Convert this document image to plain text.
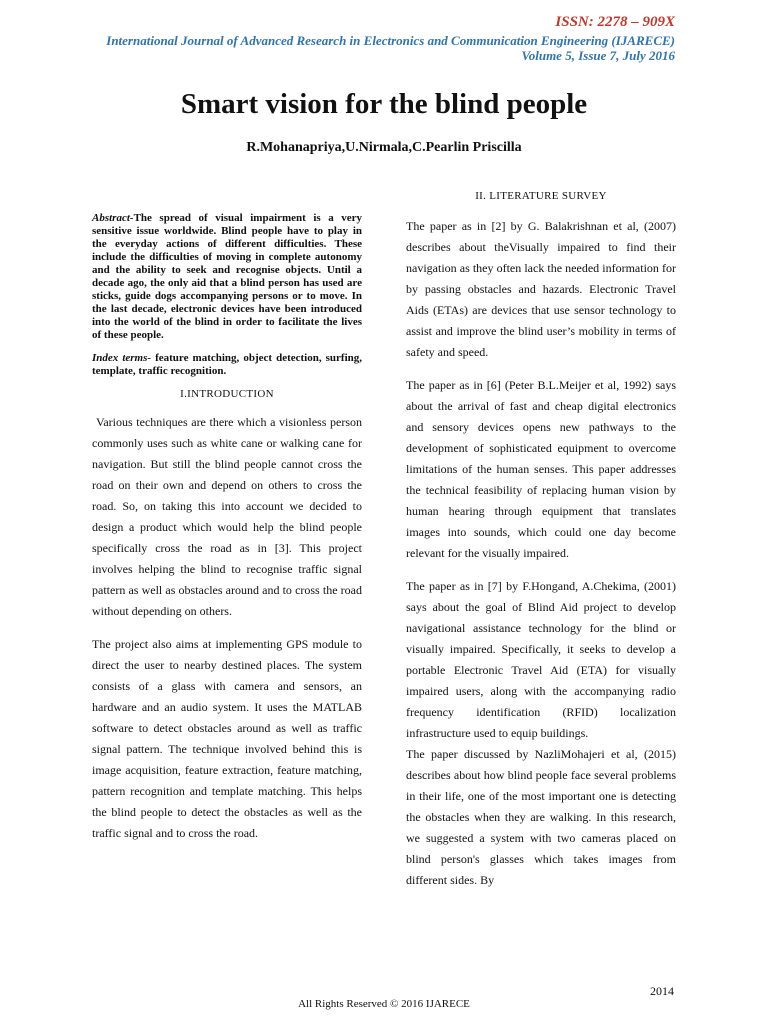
ISSN: 2278 – 909X

International Journal of Advanced Research in Electronics and Communication Engineering (IJARECE)
Volume 5, Issue 7, July 2016

Smart vision for the blind people

R.Mohanapriya,U.Nirmala,C.Pearlin Priscilla

Abstract-The spread of visual impairment is a very sensitive issue worldwide. Blind people have to play in the everyday actions of different difficulties. These include the difficulties of moving in complete autonomy and the ability to seek and recognise objects. Until a decade ago, the only aid that a blind person has used are sticks, guide dogs accompanying persons or to move. In the last decade, electronic devices have been introduced into the world of the blind in order to facilitate the lives of these people.

Index terms- feature matching, object detection, surfing, template, traffic recognition.

I.INTRODUCTION

Various techniques are there which a visionless person commonly uses such as white cane or walking cane for navigation. But still the blind people cannot cross the road on their own and depend on others to cross the road. So, on taking this into account we decided to design a product which would help the blind people specifically cross the road as in [3]. This project involves helping the blind to recognise traffic signal pattern as well as obstacles around and to cross the road without depending on others.

The project also aims at implementing GPS module to direct the user to nearby destined places. The system consists of a glass with camera and sensors, an hardware and an audio system. It uses the MATLAB software to detect obstacles around as well as traffic signal pattern. The technique involved behind this is image acquisition, feature extraction, feature matching, pattern recognition and template matching. This helps the blind people to detect the obstacles as well as the traffic signal and to cross the road.

II. LITERATURE SURVEY

The paper as in [2] by G. Balakrishnan et al, (2007) describes about theVisually impaired to find their navigation as they often lack the needed information for by passing obstacles and hazards. Electronic Travel Aids (ETAs) are devices that use sensor technology to assist and improve the blind user’s mobility in terms of safety and speed.

The paper as in [6] (Peter B.L.Meijer et al, 1992) says about the arrival of fast and cheap digital electronics and sensory devices opens new pathways to the development of sophisticated equipment to overcome limitations of the human senses. This paper addresses the technical feasibility of replacing human vision by human hearing through equipment that translates images into sounds, which could one day become relevant for the visually impaired.

The paper as in [7] by F.Hongand, A.Chekima, (2001) says about the goal of Blind Aid project to develop navigational assistance technology for the blind or visually impaired. Specifically, it seeks to develop a portable Electronic Travel Aid (ETA) for visually impaired users, along with the accompanying radio frequency identification (RFID) localization infrastructure used to equip buildings.

The paper discussed by NazliMohajeri et al, (2015) describes about how blind people face several problems in their life, one of the most important one is detecting the obstacles when they are walking. In this research, we suggested a system with two cameras placed on blind person's glasses which takes images from different sides. By

2014

All Rights Reserved © 2016 IJARECE
